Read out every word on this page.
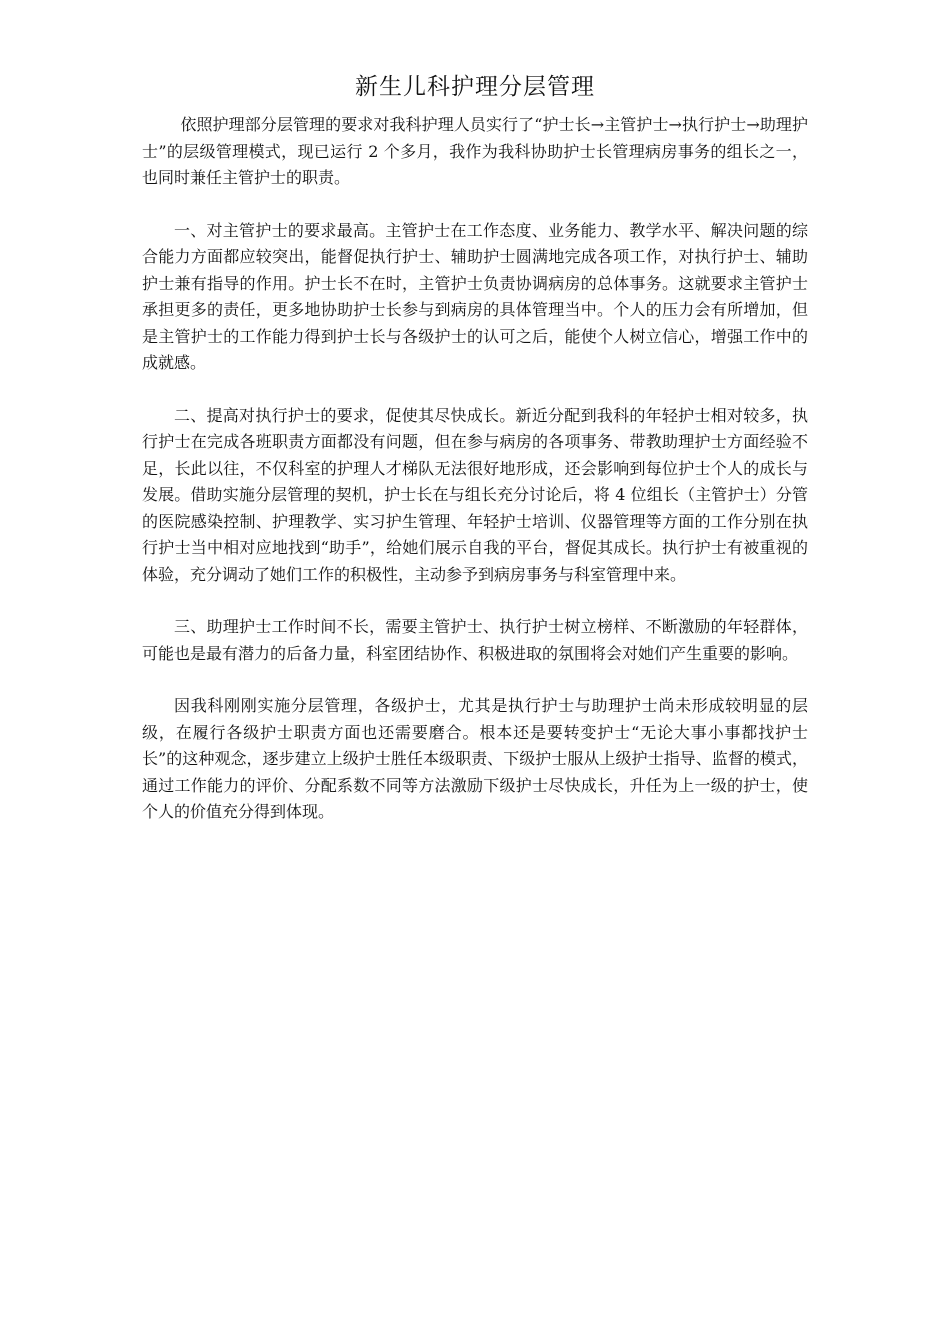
新生儿科护理分层管理

依照护理部分层管理的要求对我科护理人员实行了“护士长→主管护士→执行护士→助理护士”的层级管理模式，现已运行 2 个多月，我作为我科协助护士长管理病房事务的组长之一，也同时兼任主管护士的职责。

一、对主管护士的要求最高。主管护士在工作态度、业务能力、教学水平、解决问题的综合能力方面都应较突出，能督促执行护士、辅助护士圆满地完成各项工作，对执行护士、辅助护士兼有指导的作用。护士长不在时，主管护士负责协调病房的总体事务。这就要求主管护士承担更多的责任，更多地协助护士长参与到病房的具体管理当中。个人的压力会有所增加，但是主管护士的工作能力得到护士长与各级护士的认可之后，能使个人树立信心，增强工作中的成就感。

二、提高对执行护士的要求，促使其尽快成长。新近分配到我科的年轻护士相对较多，执行护士在完成各班职责方面都没有问题，但在参与病房的各项事务、带教助理护士方面经验不足，长此以往，不仅科室的护理人才梯队无法很好地形成，还会影响到每位护士个人的成长与发展。借助实施分层管理的契机，护士长在与组长充分讨论后，将 4 位组长（主管护士）分管的医院感染控制、护理教学、实习护生管理、年轻护士培训、仪器管理等方面的工作分别在执行护士当中相对应地找到“助手”，给她们展示自我的平台，督促其成长。执行护士有被重视的体验，充分调动了她们工作的积极性，主动参予到病房事务与科室管理中来。

三、助理护士工作时间不长，需要主管护士、执行护士树立榜样、不断激励的年轻群体，可能也是最有潜力的后备力量，科室团结协作、积极进取的氛围将会对她们产生重要的影响。

因我科刚刚实施分层管理，各级护士，尤其是执行护士与助理护士尚未形成较明显的层级，在履行各级护士职责方面也还需要磨合。根本还是要转变护士“无论大事小事都找护士长”的这种观念，逐步建立上级护士胜任本级职责、下级护士服从上级护士指导、监督的模式，通过工作能力的评价、分配系数不同等方法激励下级护士尽快成长，升任为上一级的护士，使个人的价值充分得到体现。
